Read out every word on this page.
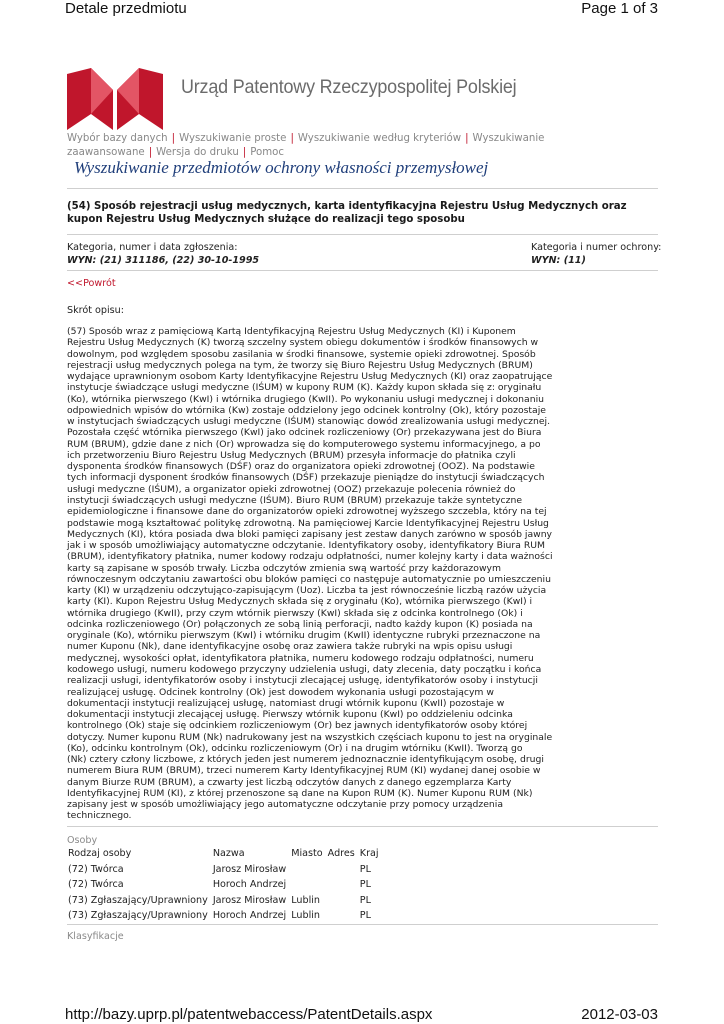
Detale przedmiotu	Page 1 of 3
Urząd Patentowy Rzeczypospolitej Polskiej
Wybór bazy danych | Wyszukiwanie proste | Wyszukiwanie według kryteriów | Wyszukiwanie zaawansowane | Wersja do druku | Pomoc
Wyszukiwanie przedmiotów ochrony własności przemysłowej
(54) Sposób rejestracji usług medycznych, karta identyfikacyjna Rejestru Usług Medycznych oraz kupon Rejestru Usług Medycznych służące do realizacji tego sposobu
Kategoria, numer i data zgłoszenia:
WYN: (21) 311186, (22) 30-10-1995
Kategoria i numer ochrony:
WYN: (11)
<<Powrót
Skrót opisu:
(57) Sposób wraz z pamięciową Kartą Identyfikacyjną Rejestru Usług Medycznych (KI) i Kuponem
Rejestru Usług Medycznych (K) tworzą szczelny system obiegu dokumentów i środków finansowych w
dowolnym, pod względem sposobu zasilania w środki finansowe, systemie opieki zdrowotnej. Sposób
rejestracji usług medycznych polega na tym, że tworzy się Biuro Rejestru Usług Medycznych (BRUM)
wydające uprawnionym osobom Karty Identyfikacyjne Rejestru Usług Medycznych (KI) oraz zaopatrujące
instytucje świadczące usługi medyczne (IŚUM) w kupony RUM (K). Każdy kupon składa się z: oryginału
(Ko), wtórnika pierwszego (KwI) i wtórnika drugiego (KwII). Po wykonaniu usługi medycznej i dokonaniu
odpowiednich wpisów do wtórnika (Kw) zostaje oddzielony jego odcinek kontrolny (Ok), który pozostaje
w instytucjach świadczących usługi medyczne (IŚUM) stanowiąc dowód zrealizowania usługi medycznej.
Pozostała część wtórnika pierwszego (KwI) jako odcinek rozliczeniowy (Or) przekazywana jest do Biura
RUM (BRUM), gdzie dane z nich (Or) wprowadza się do komputerowego systemu informacyjnego, a po
ich przetworzeniu Biuro Rejestru Usług Medycznych (BRUM) przesyła informacje do płatnika czyli
dysponenta środków finansowych (DŚF) oraz do organizatora opieki zdrowotnej (OOZ). Na podstawie
tych informacji dysponent środków finansowych (DŚF) przekazuje pieniądze do instytucji świadczących
usługi medyczne (IŚUM), a organizator opieki zdrowotnej (OOZ) przekazuje polecenia również do
instytucji świadczących usługi medyczne (IŚUM). Biuro RUM (BRUM) przekazuje także syntetyczne
epidemiologiczne i finansowe dane do organizatorów opieki zdrowotnej wyższego szczebla, który na tej
podstawie mogą kształtować politykę zdrowotną. Na pamięciowej Karcie Identyfikacyjnej Rejestru Usług
Medycznych (KI), która posiada dwa bloki pamięci zapisany jest zestaw danych zarówno w sposób jawny
jak i w sposób umożliwiający automatyczne odczytanie. Identyfikatory osoby, identyfikatory Biura RUM
(BRUM), identyfikatory płatnika, numer kodowy rodzaju odpłatności, numer kolejny karty i data ważności
karty są zapisane w sposób trwały. Liczba odczytów zmienia swą wartość przy każdorazowym
równoczesnym odczytaniu zawartości obu bloków pamięci co następuje automatycznie po umieszczeniu
karty (KI) w urządzeniu odczytująco-zapisującym (Uoz). Liczba ta jest równocześnie liczbą razów użycia
karty (KI). Kupon Rejestru Usług Medycznych składa się z oryginału (Ko), wtórnika pierwszego (KwI) i
wtórnika drugiego (KwII), przy czym wtórnik pierwszy (KwI) składa się z odcinka kontrolnego (Ok) i
odcinka rozliczeniowego (Or) połączonych ze sobą linią perforacji, nadto każdy kupon (K) posiada na
oryginale (Ko), wtórniku pierwszym (KwI) i wtórniku drugim (KwII) identyczne rubryki przeznaczone na
numer Kuponu (Nk), dane identyfikacyjne osobę oraz zawiera także rubryki na wpis opisu usługi
medycznej, wysokości opłat, identyfikatora płatnika, numeru kodowego rodzaju odpłatności, numeru
kodowego usługi, numeru kodowego przyczyny udzielenia usługi, daty zlecenia, daty początku i końca
realizacji usługi, identyfikatorów osoby i instytucji zlecającej usługę, identyfikatorów osoby i instytucji
realizującej usługę. Odcinek kontrolny (Ok) jest dowodem wykonania usługi pozostającym w
dokumentacji instytucji realizującej usługę, natomiast drugi wtórnik kuponu (KwII) pozostaje w
dokumentacji instytucji zlecającej usługę. Pierwszy wtórnik kuponu (KwI) po oddzieleniu odcinka
kontrolnego (Ok) staje się odcinkiem rozliczeniowym (Or) bez jawnych identyfikatorów osoby której
dotyczy. Numer kuponu RUM (Nk) nadrukowany jest na wszystkich częściach kuponu to jest na oryginale
(Ko), odcinku kontrolnym (Ok), odcinku rozliczeniowym (Or) i na drugim wtórniku (KwII). Tworzą go
(Nk) cztery człony liczbowe, z których jeden jest numerem jednoznacznie identyfikującym osobę, drugi
numerem Biura RUM (BRUM), trzeci numerem Karty Identyfikacyjnej RUM (KI) wydanej danej osobie w
danym Biurze RUM (BRUM), a czwarty jest liczbą odczytów danych z danego egzemplarza Karty
Identyfikacyjnej RUM (KI), z której przenoszone są dane na Kupon RUM (K). Numer Kuponu RUM (Nk)
zapisany jest w sposób umożliwiający jego automatyczne odczytanie przy pomocy urządzenia
technicznego.
Osoby
Rodzaj osoby	Nazwa	Miasto	Adres	Kraj
(72) Twórca	Jarosz Mirosław			PL
(72) Twórca	Horoch Andrzej			PL
(73) Zgłaszający/Uprawniony	Jarosz Mirosław	Lublin		PL
(73) Zgłaszający/Uprawniony	Horoch Andrzej	Lublin		PL
Klasyfikacje
http://bazy.uprp.pl/patentwebaccess/PatentDetails.aspx	2012-03-03
